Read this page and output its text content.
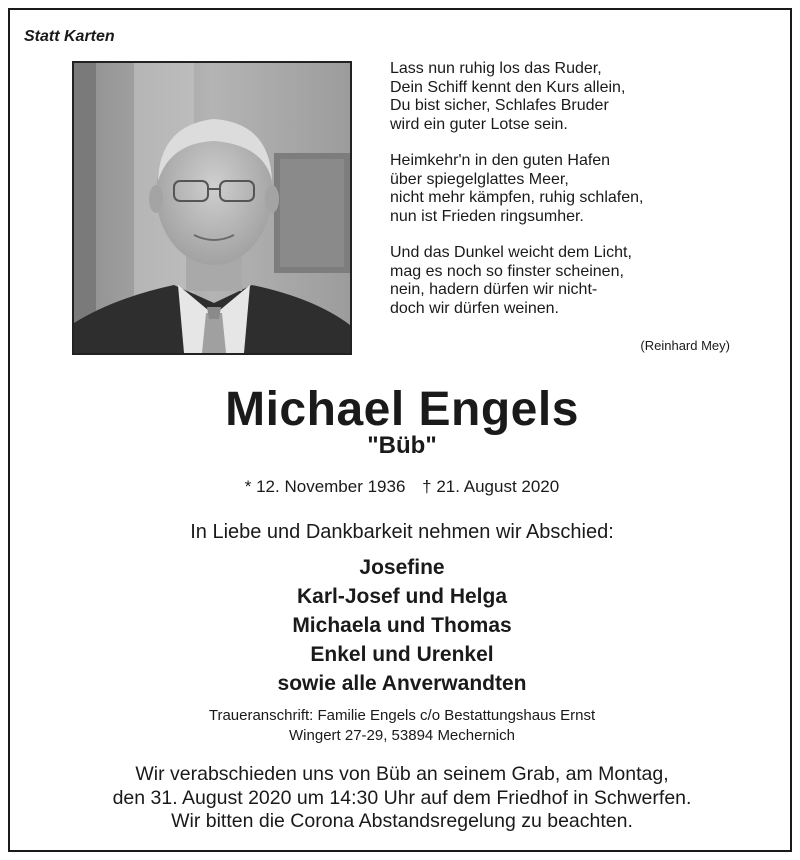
Statt Karten
Lass nun ruhig los das Ruder,
Dein Schiff kennt den Kurs allein,
Du bist sicher, Schlafes Bruder
wird ein guter Lotse sein.
Heimkehr'n in den guten Hafen
über spiegelglattes Meer,
nicht mehr kämpfen, ruhig schlafen,
nun ist Frieden ringsumher.
Und das Dunkel weicht dem Licht,
mag es noch so finster scheinen,
nein, hadern dürfen wir nicht-
doch wir dürfen weinen.
(Reinhard Mey)
Michael Engels
"Büb"
* 12. November 1936 † 21. August 2020
In Liebe und Dankbarkeit nehmen wir Abschied:
Josefine
Karl-Josef und Helga
Michaela und Thomas
Enkel und Urenkel
sowie alle Anverwandten
Traueranschrift: Familie Engels c/o Bestattungshaus Ernst
Wingert 27-29, 53894 Mechernich
Wir verabschieden uns von Büb an seinem Grab, am Montag,
den 31. August 2020 um 14:30 Uhr auf dem Friedhof in Schwerfen.
Wir bitten die Corona Abstandsregelung zu beachten.
